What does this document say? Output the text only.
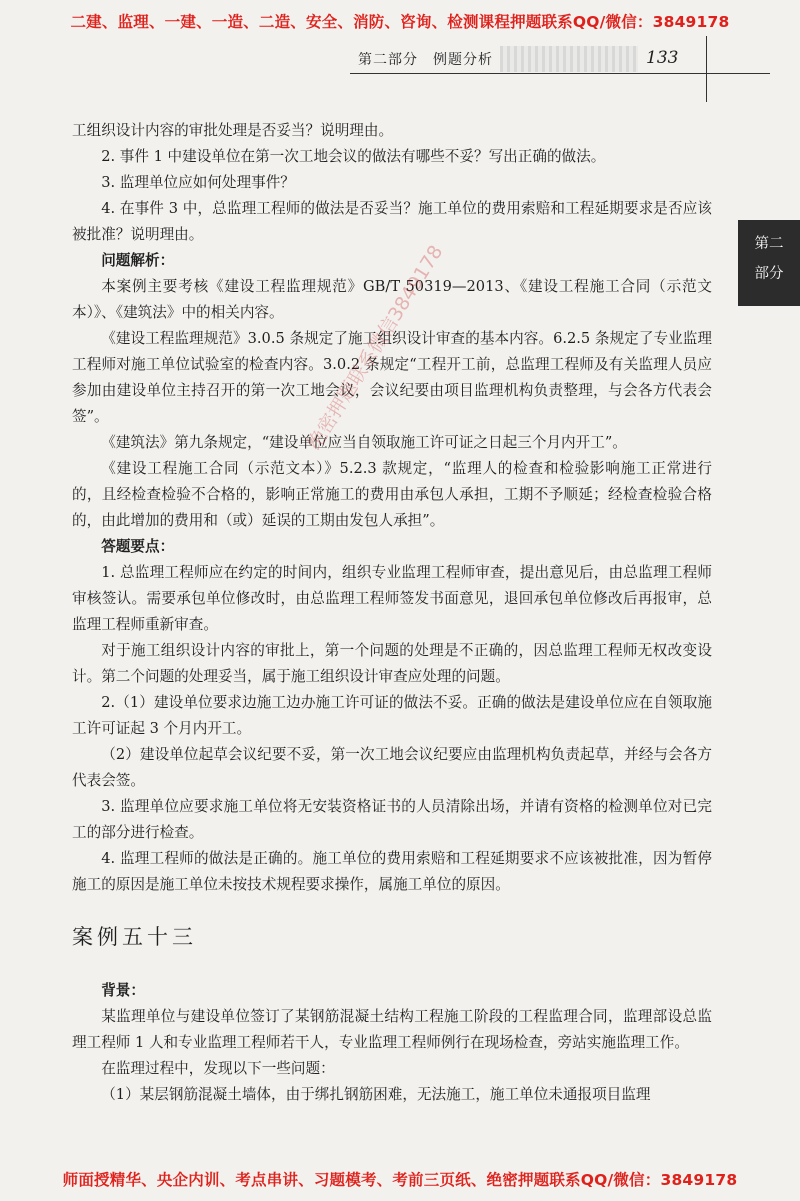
二建、监理、一建、一造、二造、安全、消防、咨询、检测课程押题联系QQ/微信：3849178
第二部分　例题分析	133
第二
部分

工组织设计内容的审批处理是否妥当？说明理由。

2. 事件 1 中建设单位在第一次工地会议的做法有哪些不妥？写出正确的做法。

3. 监理单位应如何处理事件？

4. 在事件 3 中，总监理工程师的做法是否妥当？施工单位的费用索赔和工程延期要求是否应该被批准？说明理由。

问题解析：

本案例主要考核《建设工程监理规范》GB/T 50319—2013、《建设工程施工合同（示范文本）》、《建筑法》中的相关内容。

《建设工程监理规范》3.0.5 条规定了施工组织设计审查的基本内容。6.2.5 条规定了专业监理工程师对施工单位试验室的检查内容。3.0.2 条规定“工程开工前，总监理工程师及有关监理人员应参加由建设单位主持召开的第一次工地会议，会议纪要由项目监理机构负责整理，与会各方代表会签”。

《建筑法》第九条规定，“建设单位应当自领取施工许可证之日起三个月内开工”。

《建设工程施工合同（示范文本）》5.2.3 款规定，“监理人的检查和检验影响施工正常进行的，且经检查检验不合格的，影响正常施工的费用由承包人承担，工期不予顺延；经检查检验合格的，由此增加的费用和（或）延误的工期由发包人承担”。

答题要点：

1. 总监理工程师应在约定的时间内，组织专业监理工程师审查，提出意见后，由总监理工程师审核签认。需要承包单位修改时，由总监理工程师签发书面意见，退回承包单位修改后再报审，总监理工程师重新审查。

对于施工组织设计内容的审批上，第一个问题的处理是不正确的，因总监理工程师无权改变设计。第二个问题的处理妥当，属于施工组织设计审查应处理的问题。

2.（1）建设单位要求边施工边办施工许可证的做法不妥。正确的做法是建设单位应在自领取施工许可证起 3 个月内开工。

（2）建设单位起草会议纪要不妥，第一次工地会议纪要应由监理机构负责起草，并经与会各方代表会签。

3. 监理单位应要求施工单位将无安装资格证书的人员清除出场，并请有资格的检测单位对已完工的部分进行检查。

4. 监理工程师的做法是正确的。施工单位的费用索赔和工程延期要求不应该被批准，因为暂停施工的原因是施工单位未按技术规程要求操作，属施工单位的原因。

案例五十三

背景：

某监理单位与建设单位签订了某钢筋混凝土结构工程施工阶段的工程监理合同，监理部设总监理工程师 1 人和专业监理工程师若干人，专业监理工程师例行在现场检查，旁站实施监理工作。

在监理过程中，发现以下一些问题：

（1）某层钢筋混凝土墙体，由于绑扎钢筋困难，无法施工，施工单位未通报项目监理

绝密押题联系微信3849178
师面授精华、央企内训、考点串讲、习题模考、考前三页纸、绝密押题联系QQ/微信：3849178
